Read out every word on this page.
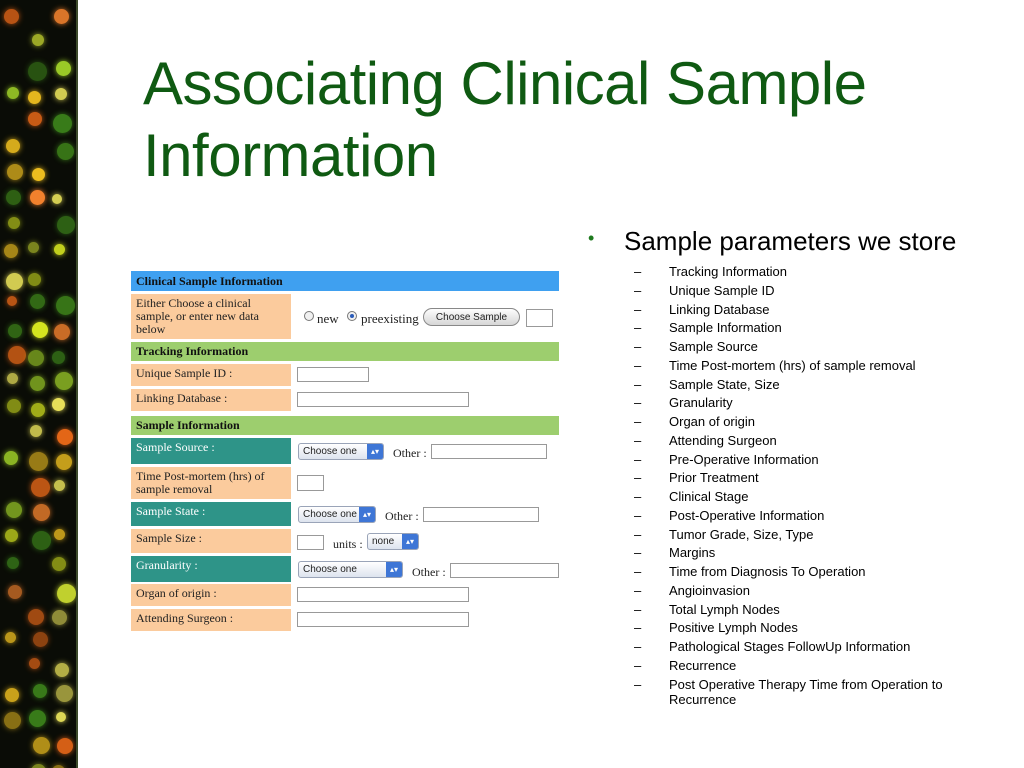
Associating Clinical Sample
Information
Clinical Sample Information
Either Choose a clinical sample, or enter new data below
new preexisting	Choose Sample
Tracking Information
Unique Sample ID :
Linking Database :
Sample Information
Sample Source :	Choose one	▴▾	Other :
Time Post-mortem (hrs) of sample removal
Sample State :	Choose one ▴▾	Other :
Sample Size :	units : none	▴▾
Granularity :	Choose one	▴▾	Other :
Organ of origin :
Attending Surgeon :
• Sample parameters we store
– Tracking Information
– Unique Sample ID
– Linking Database
– Sample Information
– Sample Source
– Time Post-mortem (hrs) of sample removal
– Sample State, Size
– Granularity
– Organ of origin
– Attending Surgeon
– Pre-Operative Information
– Prior Treatment
– Clinical Stage
– Post-Operative Information
– Tumor Grade, Size, Type
– Margins
– Time from Diagnosis To Operation
– Angioinvasion
– Total Lymph Nodes
– Positive Lymph Nodes
– Pathological Stages FollowUp Information
– Recurrence
– Post Operative Therapy Time from Operation to Recurrence
